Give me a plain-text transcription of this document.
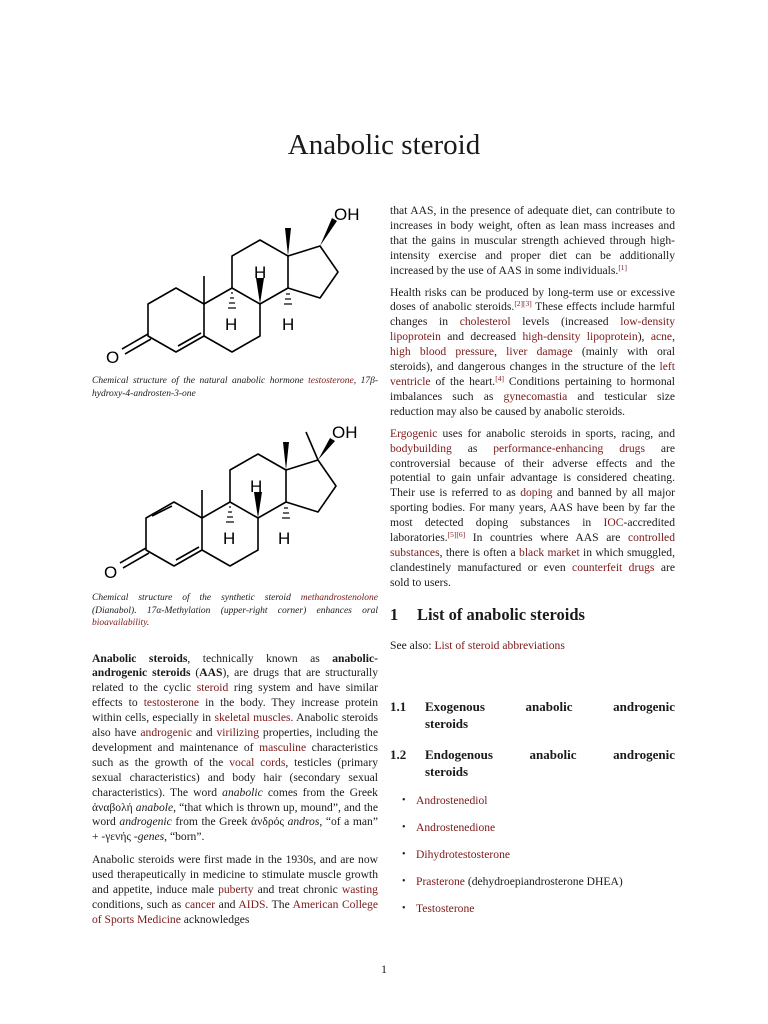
Anabolic steroid
OH
H
H	H
O

Chemical structure of the natural anabolic hormone testosterone, 17β-hydroxy-4-androsten-3-one

OH
H
H	H
O

Chemical structure of the synthetic steroid methandrostenolone (Dianabol). 17α-Methylation (upper-right corner) enhances oral bioavailability.

Anabolic steroids, technically known as anabolic-androgenic steroids (AAS), are drugs that are structurally related to the cyclic steroid ring system and have similar effects to testosterone in the body. They increase protein within cells, especially in skeletal muscles. Anabolic steroids also have androgenic and virilizing properties, including the development and maintenance of masculine characteristics such as the growth of the vocal cords, testicles (primary sexual characteristics) and body hair (secondary sexual characteristics). The word anabolic comes from the Greek ἀναβολή anabole, “that which is thrown up, mound”, and the word androgenic from the Greek ἀνδρός andros, “of a man” + -γενής -genes, “born”.

Anabolic steroids were first made in the 1930s, and are now used therapeutically in medicine to stimulate muscle growth and appetite, induce male puberty and treat chronic wasting conditions, such as cancer and AIDS. The American College of Sports Medicine acknowledges

that AAS, in the presence of adequate diet, can contribute to increases in body weight, often as lean mass increases and that the gains in muscular strength achieved through high-intensity exercise and proper diet can be additionally increased by the use of AAS in some individuals.[1]

Health risks can be produced by long-term use or excessive doses of anabolic steroids.[2][3] These effects include harmful changes in cholesterol levels (increased low-density lipoprotein and decreased high-density lipoprotein), acne, high blood pressure, liver damage (mainly with oral steroids), and dangerous changes in the structure of the left ventricle of the heart.[4] Conditions pertaining to hormonal imbalances such as gynecomastia and testicular size reduction may also be caused by anabolic steroids.

Ergogenic uses for anabolic steroids in sports, racing, and bodybuilding as performance-enhancing drugs are controversial because of their adverse effects and the potential to gain unfair advantage is considered cheating. Their use is referred to as doping and banned by all major sporting bodies. For many years, AAS have been by far the most detected doping substances in IOC-accredited laboratories.[5][6] In countries where AAS are controlled substances, there is often a black market in which smuggled, clandestinely manufactured or even counterfeit drugs are sold to users.

1 List of anabolic steroids

See also: List of steroid abbreviations

1.1	Exogenous anabolic androgenic
steroids
1.2	Endogenous anabolic androgenic
steroids
• Androstenediol
• Androstenedione
• Dihydrotestosterone
• Prasterone (dehydroepiandrosterone DHEA)
• Testosterone
1
